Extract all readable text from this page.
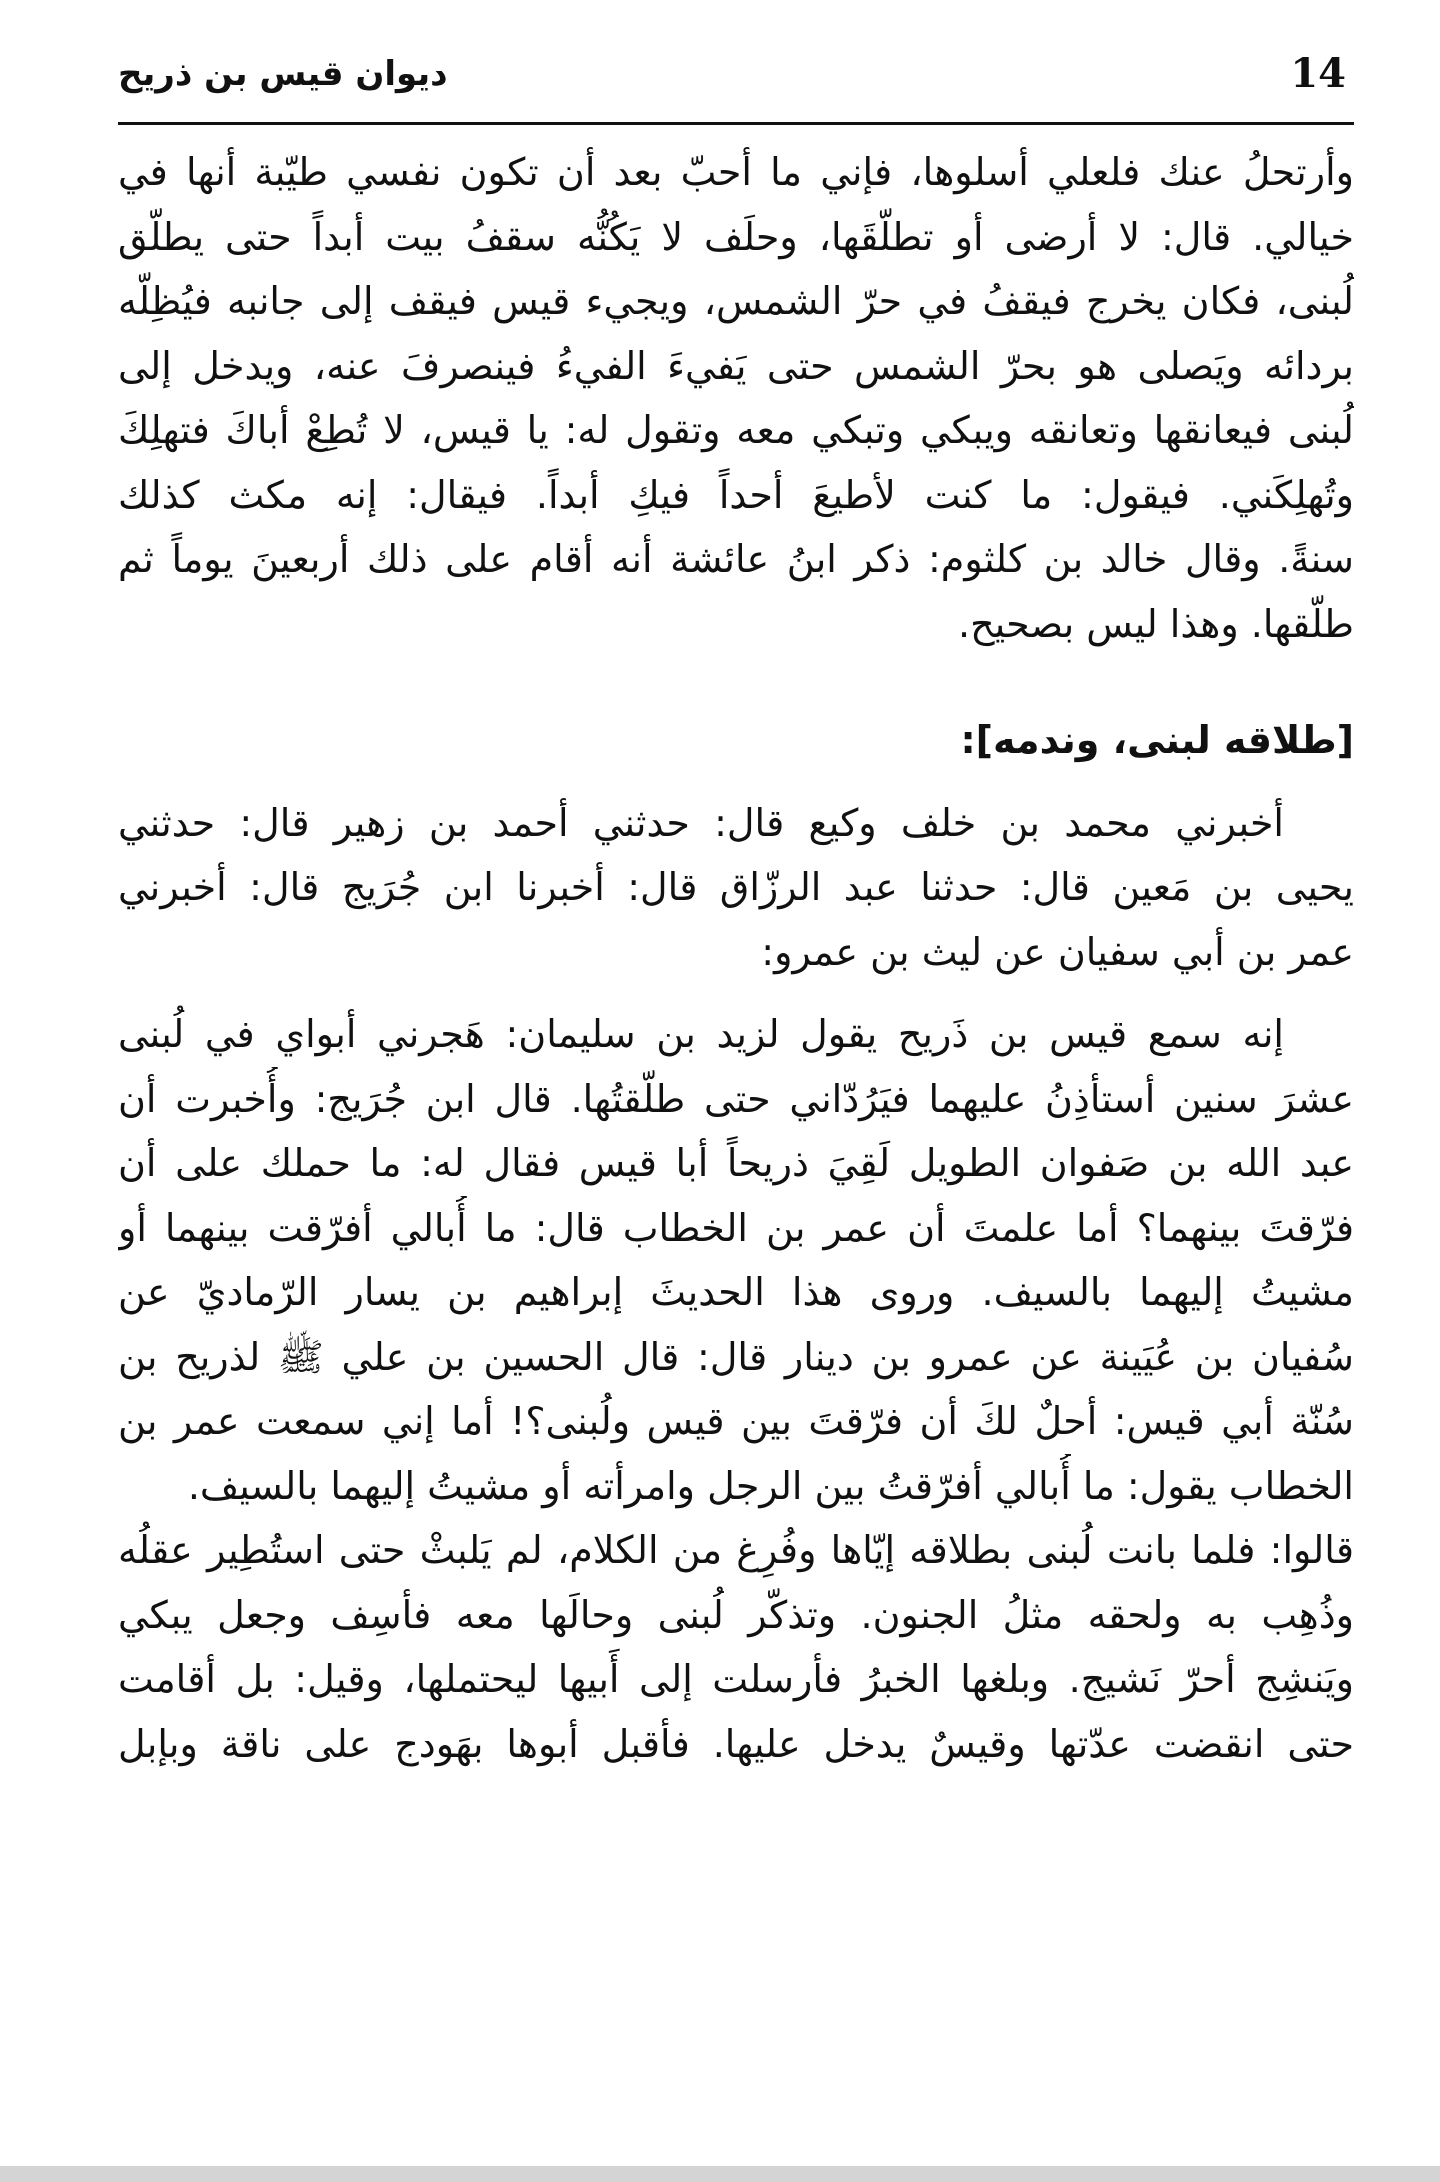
14
ديوان قيس بن ذريح
وأرتحلُ عنك فلعلي أسلوها، فإني ما أحبّ بعد أن تكون نفسي طيّبة أنها في
خيالي. قال: لا أرضى أو تطلّقَها، وحلَف لا يَكُنُّه سقفُ بيت أبداً حتى يطلّق
لُبنى، فكان يخرج فيقفُ في حرّ الشمس، ويجيء قيس فيقف إلى جانبه فيُظِلّه
بردائه ويَصلى هو بحرّ الشمس حتى يَفيءَ الفيءُ فينصرفَ عنه، ويدخل إلى
لُبنى فيعانقها وتعانقه ويبكي وتبكي معه وتقول له: يا قيس، لا تُطِعْ أباكَ فتهلِكَ
وتُهلِكَني. فيقول: ما كنت لأطيعَ أحداً فيكِ أبداً. فيقال: إنه مكث كذلك
سنةً. وقال خالد بن كلثوم: ذكر ابنُ عائشة أنه أقام على ذلك أربعينَ يوماً ثم
طلّقها. وهذا ليس بصحيح.
[طلاقه لبنى، وندمه]:
أخبرني محمد بن خلف وكيع قال: حدثني أحمد بن زهير قال: حدثني
يحيى بن مَعين قال: حدثنا عبد الرزّاق قال: أخبرنا ابن جُرَيج قال: أخبرني
عمر بن أبي سفيان عن ليث بن عمرو:
إنه سمع قيس بن ذَريح يقول لزيد بن سليمان: هَجرني أبواي في لُبنى
عشرَ سنين أستأذِنُ عليهما فيَرُدّاني حتى طلّقتُها. قال ابن جُرَيج: وأُخبرت أن
عبد الله بن صَفوان الطويل لَقِيَ ذريحاً أبا قيس فقال له: ما حملك على أن
فرّقتَ بينهما؟ أما علمتَ أن عمر بن الخطاب قال: ما أُبالي أفرّقت بينهما أو
مشيتُ إليهما بالسيف. وروى هذا الحديثَ إبراهيم بن يسار الرّماديّ عن
سُفيان بن عُيَينة عن عمرو بن دينار قال: قال الحسين بن علي ﷺ لذريح بن
سُنّة أبي قيس: أحلٌ لكَ أن فرّقتَ بين قيس ولُبنى؟! أما إني سمعت عمر بن
الخطاب يقول: ما أُبالي أفرّقتُ بين الرجل وامرأته أو مشيتُ إليهما بالسيف.
قالوا: فلما بانت لُبنى بطلاقه إيّاها وفُرِغ من الكلام، لم يَلبثْ حتى استُطِير عقلُه
وذُهِب به ولحقه مثلُ الجنون. وتذكّر لُبنى وحالَها معه فأسِف وجعل يبكي
ويَنشِج أحرّ نَشيج. وبلغها الخبرُ فأرسلت إلى أَبيها ليحتملها، وقيل: بل أقامت
حتى انقضت عدّتها وقيسٌ يدخل عليها. فأقبل أبوها بهَودج على ناقة وبإبل
